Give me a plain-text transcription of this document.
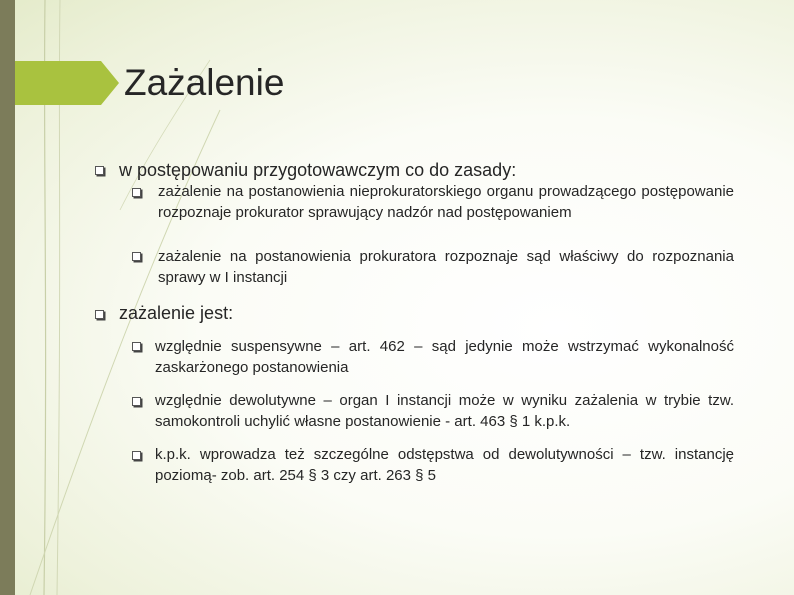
Zażalenie
w postępowaniu przygotowawczym co do zasady:
zażalenie na postanowienia nieprokuratorskiego organu prowadzącego postępowanie rozpoznaje prokurator sprawujący nadzór nad postępowaniem
zażalenie na postanowienia prokuratora rozpoznaje sąd właściwy do rozpoznania sprawy w I instancji
zażalenie jest:
względnie suspensywne – art. 462 – sąd jedynie może wstrzymać wykonalność zaskarżonego postanowienia
względnie dewolutywne – organ I instancji może w wyniku zażalenia w trybie tzw. samokontroli uchylić własne postanowienie - art. 463 § 1 k.p.k.
k.p.k. wprowadza też szczególne odstępstwa od dewolutywności – tzw. instancję poziomą- zob. art. 254 § 3 czy art. 263 § 5
